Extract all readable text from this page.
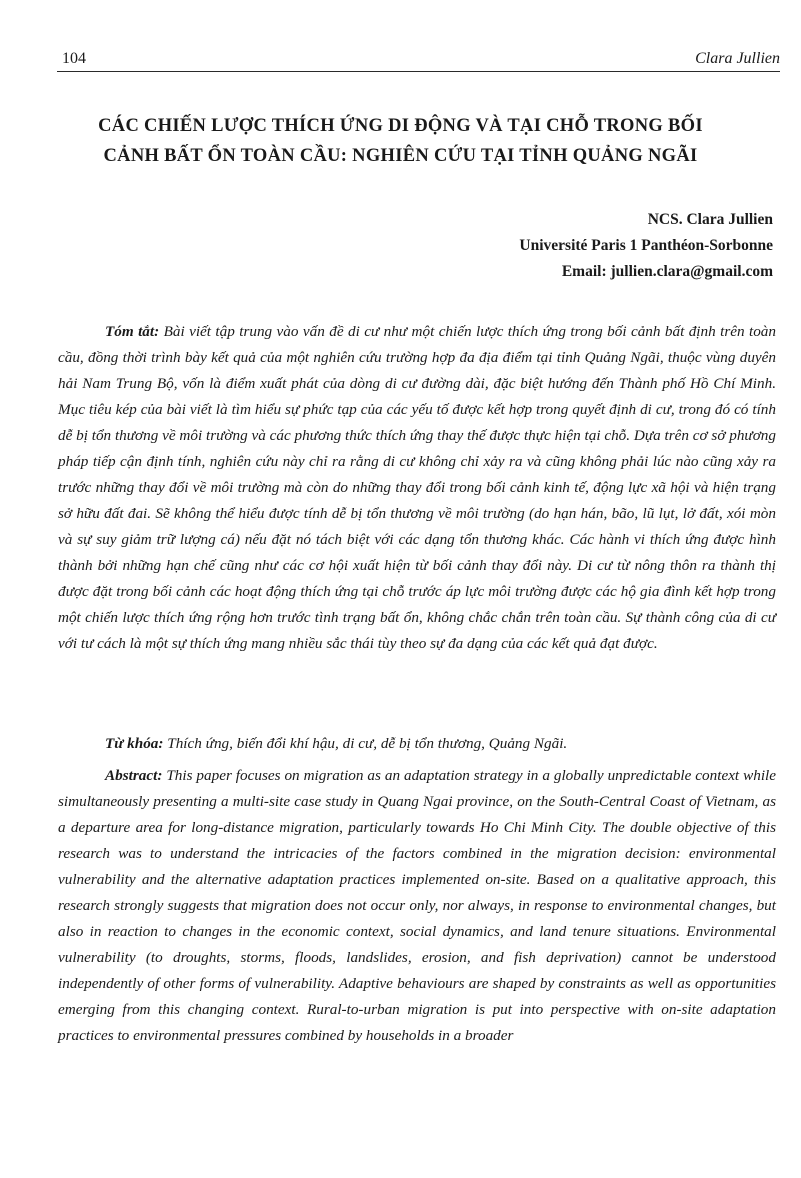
104	Clara Jullien
CÁC CHIẾN LƯỢC THÍCH ỨNG DI ĐỘNG VÀ TẠI CHỖ TRONG BỐI
CẢNH BẤT ỔN TOÀN CẦU: NGHIÊN CỨU TẠI TỈNH QUẢNG NGÃI
NCS. Clara Jullien
Université Paris 1 Panthéon-Sorbonne
Email: jullien.clara@gmail.com

Tóm tắt: Bài viết tập trung vào vấn đề di cư như một chiến lược thích ứng trong bối cảnh bất định trên toàn cầu, đồng thời trình bày kết quả của một nghiên cứu trường hợp đa địa điểm tại tỉnh Quảng Ngãi, thuộc vùng duyên hải Nam Trung Bộ, vốn là điểm xuất phát của dòng di cư đường dài, đặc biệt hướng đến Thành phố Hồ Chí Minh. Mục tiêu kép của bài viết là tìm hiểu sự phức tạp của các yếu tố được kết hợp trong quyết định di cư, trong đó có tính dễ bị tổn thương về môi trường và các phương thức thích ứng thay thế được thực hiện tại chỗ. Dựa trên cơ sở phương pháp tiếp cận định tính, nghiên cứu này chỉ ra rằng di cư không chỉ xảy ra và cũng không phải lúc nào cũng xảy ra trước những thay đổi về môi trường mà còn do những thay đổi trong bối cảnh kinh tế, động lực xã hội và hiện trạng sở hữu đất đai. Sẽ không thể hiểu được tính dễ bị tổn thương về môi trường (do hạn hán, bão, lũ lụt, lở đất, xói mòn và sự suy giảm trữ lượng cá) nếu đặt nó tách biệt với các dạng tổn thương khác. Các hành vi thích ứng được hình thành bởi những hạn chế cũng như các cơ hội xuất hiện từ bối cảnh thay đổi này. Di cư từ nông thôn ra thành thị được đặt trong bối cảnh các hoạt động thích ứng tại chỗ trước áp lực môi trường được các hộ gia đình kết hợp trong một chiến lược thích ứng rộng hơn trước tình trạng bất ổn, không chắc chắn trên toàn cầu. Sự thành công của di cư với tư cách là một sự thích ứng mang nhiều sắc thái tùy theo sự đa dạng của các kết quả đạt được.

Từ khóa: Thích ứng, biến đổi khí hậu, di cư, dễ bị tổn thương, Quảng Ngãi.

Abstract: This paper focuses on migration as an adaptation strategy in a globally unpredictable context while simultaneously presenting a multi-site case study in Quang Ngai province, on the South-Central Coast of Vietnam, as a departure area for long-distance migration, particularly towards Ho Chi Minh City. The double objective of this research was to understand the intricacies of the factors combined in the migration decision: environmental vulnerability and the alternative adaptation practices implemented on-site. Based on a qualitative approach, this research strongly suggests that migration does not occur only, nor always, in response to environmental changes, but also in reaction to changes in the economic context, social dynamics, and land tenure situations. Environmental vulnerability (to droughts, storms, floods, landslides, erosion, and fish deprivation) cannot be understood independently of other forms of vulnerability. Adaptive behaviours are shaped by constraints as well as opportunities emerging from this changing context. Rural-to-urban migration is put into perspective with on-site adaptation practices to environmental pressures combined by households in a broader
